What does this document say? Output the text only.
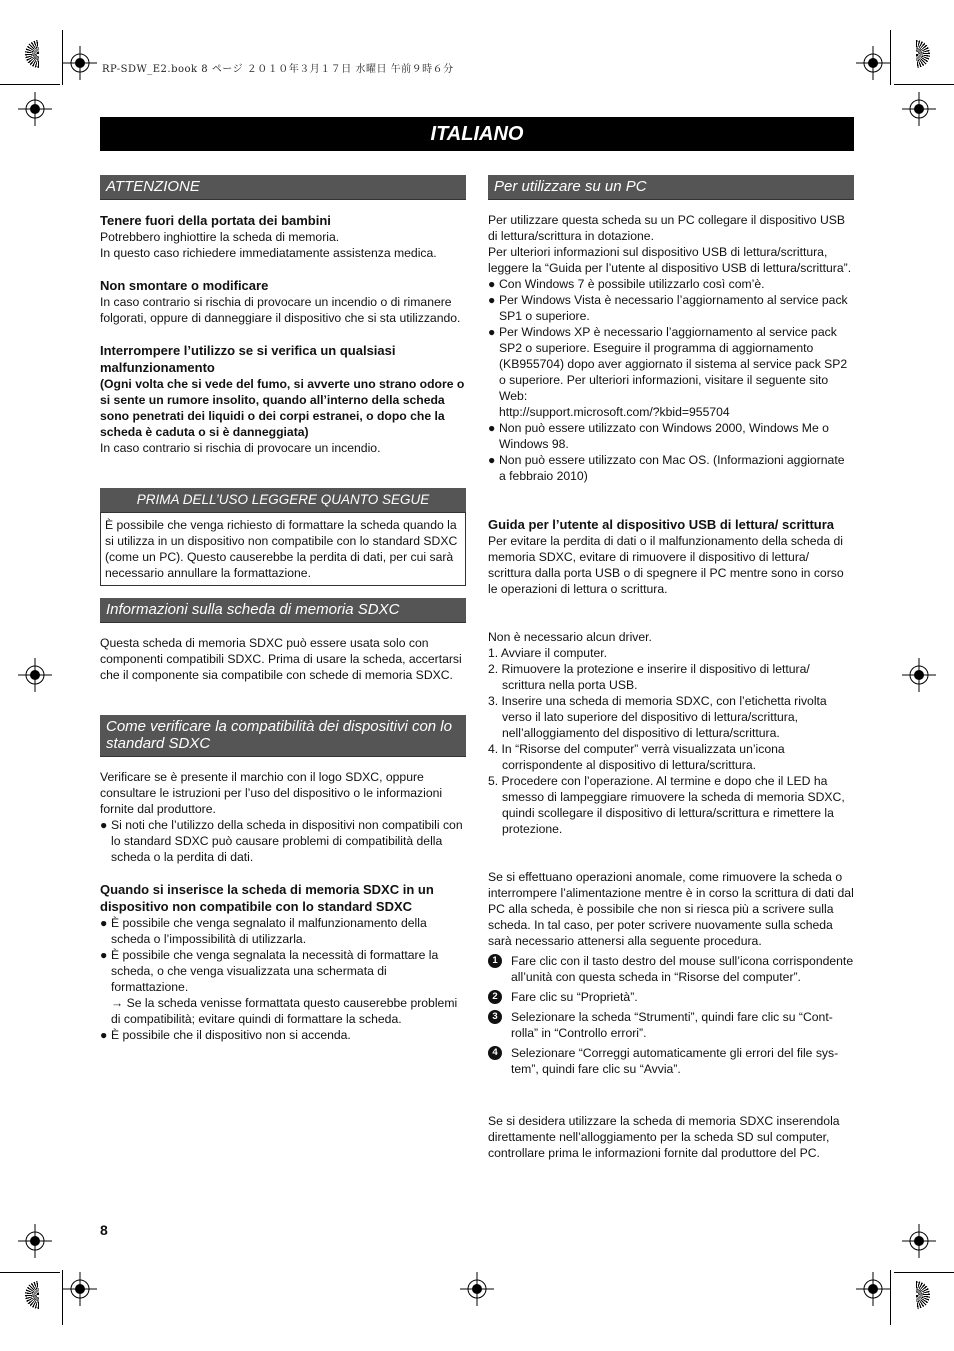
RP-SDW_E2.book 8 ページ ２０１０年３月１７日 水曜日 午前９時６分
ITALIANO
ATTENZIONE

Tenere fuori della portata dei bambini

Potrebbero inghiottire la scheda di memoria.

In questo caso richiedere immediatamente assistenza medica.

Non smontare o modificare

In caso contrario si rischia di provocare un incendio o di rimanere folgorati, oppure di danneggiare il dispositivo che si sta utilizzando.

Interrompere l’utilizzo se si verifica un qualsiasi malfunzionamento

(Ogni volta che si vede del fumo, si avverte uno strano odore o si sente un rumore insolito, quando all’interno della scheda sono penetrati dei liquidi o dei corpi estranei, o dopo che la scheda è caduta o si è danneggiata)

In caso contrario si rischia di provocare un incendio.

PRIMA DELL’USO LEGGERE QUANTO SEGUE

È possibile che venga richiesto di formattare la scheda quando la si utilizza in un dispositivo non compatibile con lo standard SDXC (come un PC). Questo causerebbe la perdita di dati, per cui sarà necessario annullare la formattazione.

Informazioni sulla scheda di memoria SDXC

Questa scheda di memoria SDXC può essere usata solo con componenti compatibili SDXC. Prima di usare la scheda, accertarsi che il componente sia compatibile con schede di memoria SDXC.

Come verificare la compatibilità dei dispositivi con lo standard SDXC

Verificare se è presente il marchio con il logo SDXC, oppure consultare le istruzioni per l’uso del dispositivo o le informazioni fornite dal produttore.

● Si noti che l’utilizzo della scheda in dispositivi non compatibili con lo standard SDXC può causare problemi di compatibilità della scheda o la perdita di dati.

Quando si inserisce la scheda di memoria SDXC in un dispositivo non compatibile con lo standard SDXC

● È possibile che venga segnalato il malfunzionamento della scheda o l’impossibilità di utilizzarla.
● È possibile che venga segnalata la necessità di formattare la scheda, o che venga visualizzata una schermata di formattazione.
→ Se la scheda venisse formattata questo causerebbe problemi di compatibilità; evitare quindi di formattare la scheda.
● È possibile che il dispositivo non si accenda.
Per utilizzare su un PC

Per utilizzare questa scheda su un PC collegare il dispositivo USB di lettura/scrittura in dotazione.

Per ulteriori informazioni sul dispositivo USB di lettura/scrittura, leggere la “Guida per l’utente al dispositivo USB di lettura/scrittura”.

● Con Windows 7 è possibile utilizzarlo così com’è.
● Per Windows Vista è necessario l’aggiornamento al service pack SP1 o superiore.
● Per Windows XP è necessario l’aggiornamento al service pack SP2 o superiore. Eseguire il programma di aggiornamento (KB955704) dopo aver aggiornato il sistema al service pack SP2 o superiore. Per ulteriori informazioni, visitare il seguente sito Web:
http://support.microsoft.com/?kbid=955704
● Non può essere utilizzato con Windows 2000, Windows Me o Windows 98.
● Non può essere utilizzato con Mac OS. (Informazioni aggiornate a febbraio 2010)

Guida per l’utente al dispositivo USB di lettura/ scrittura

Per evitare la perdita di dati o il malfunzionamento della scheda di memoria SDXC, evitare di rimuovere il dispositivo di lettura/ scrittura dalla porta USB o di spegnere il PC mentre sono in corso le operazioni di lettura o scrittura.

Non è necessario alcun driver.

1. Avviare il computer.
2. Rimuovere la protezione e inserire il dispositivo di lettura/ scrittura nella porta USB.
3. Inserire una scheda di memoria SDXC, con l’etichetta rivolta verso il lato superiore del dispositivo di lettura/scrittura, nell’alloggiamento del dispositivo di lettura/scrittura.
4. In “Risorse del computer” verrà visualizzata un’icona corrispondente al dispositivo di lettura/scrittura.
5. Procedere con l’operazione. Al termine e dopo che il LED ha smesso di lampeggiare rimuovere la scheda di memoria SDXC, quindi scollegare il dispositivo di lettura/scrittura e rimettere la protezione.

Se si effettuano operazioni anomale, come rimuovere la scheda o interrompere l’alimentazione mentre è in corso la scrittura di dati dal PC alla scheda, è possibile che non si riesca più a scrivere sulla scheda. In tal caso, per poter scrivere nuovamente sulla scheda sarà necessario attenersi alla seguente procedura.

1	Fare clic con il tasto destro del mouse sull’icona corrispondente all’unità con questa scheda in “Risorse del computer”.
2	Fare clic su “Proprietà”.
3	Selezionare la scheda “Strumenti”, quindi fare clic su “Cont- rolla” in “Controllo errori”.
4	Selezionare “Correggi automaticamente gli errori del file sys- tem”, quindi fare clic su “Avvia”.

Se si desidera utilizzare la scheda di memoria SDXC inserendola direttamente nell’alloggiamento per la scheda SD sul computer, controllare prima le informazioni fornite dal produttore del PC.

8
